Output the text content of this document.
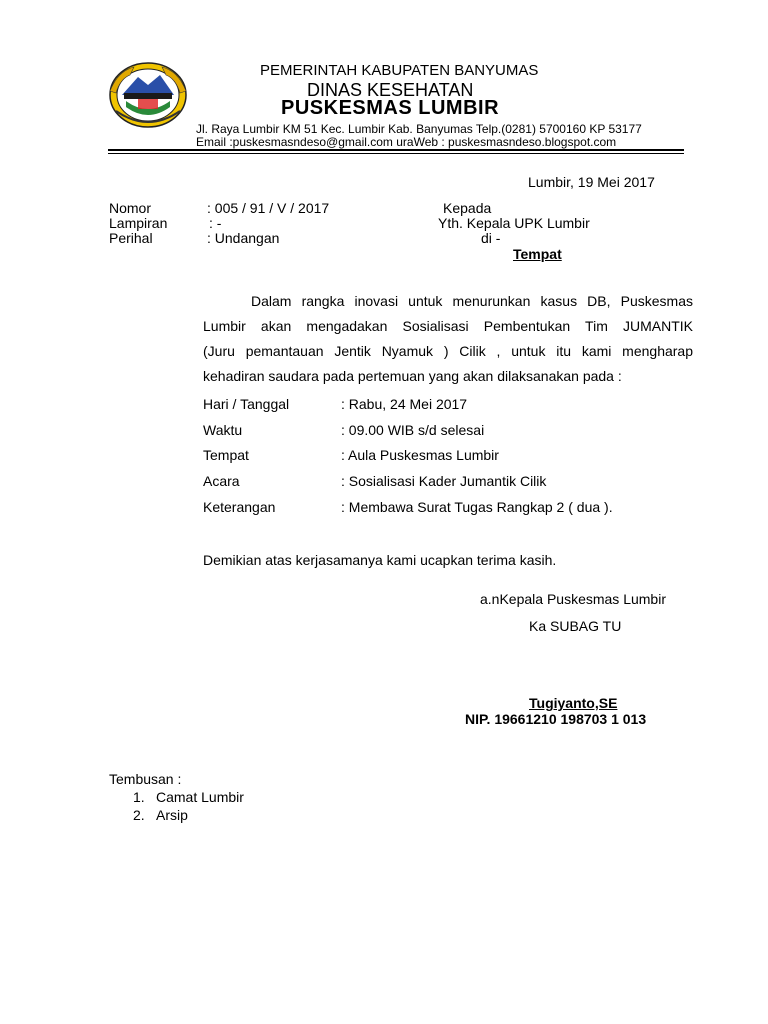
PEMERINTAH KABUPATEN BANYUMAS
DINAS KESEHATAN
PUSKESMAS LUMBIR
Jl. Raya Lumbir KM 51 Kec. Lumbir Kab. Banyumas Telp.(0281) 5700160 KP 53177
Email :puskesmasndeso@gmail.com uraWeb : puskesmasndeso.blogspot.com
Lumbir, 19 Mei 2017
Nomor	: 005 / 91 / V / 2017
Lampiran	: -
Perihal	: Undangan
Kepada
Yth. Kepala UPK Lumbir
di -
Tempat
Dalam rangka inovasi untuk menurunkan kasus DB, Puskesmas
Lumbir akan mengadakan Sosialisasi Pembentukan Tim JUMANTIK
(Juru pemantauan Jentik Nyamuk ) Cilik , untuk itu kami mengharap
kehadiran saudara pada pertemuan yang akan dilaksanakan pada :
Hari / Tanggal	: Rabu, 24 Mei 2017
Waktu	: 09.00 WIB s/d selesai
Tempat	: Aula Puskesmas Lumbir
Acara	: Sosialisasi Kader Jumantik Cilik
Keterangan	: Membawa Surat Tugas Rangkap 2 ( dua ).
Demikian atas kerjasamanya kami ucapkan terima kasih.
a.nKepala Puskesmas Lumbir
Ka SUBAG TU
Tugiyanto,SE
NIP. 19661210 198703 1 013
Tembusan :
1. Camat Lumbir
2. Arsip
